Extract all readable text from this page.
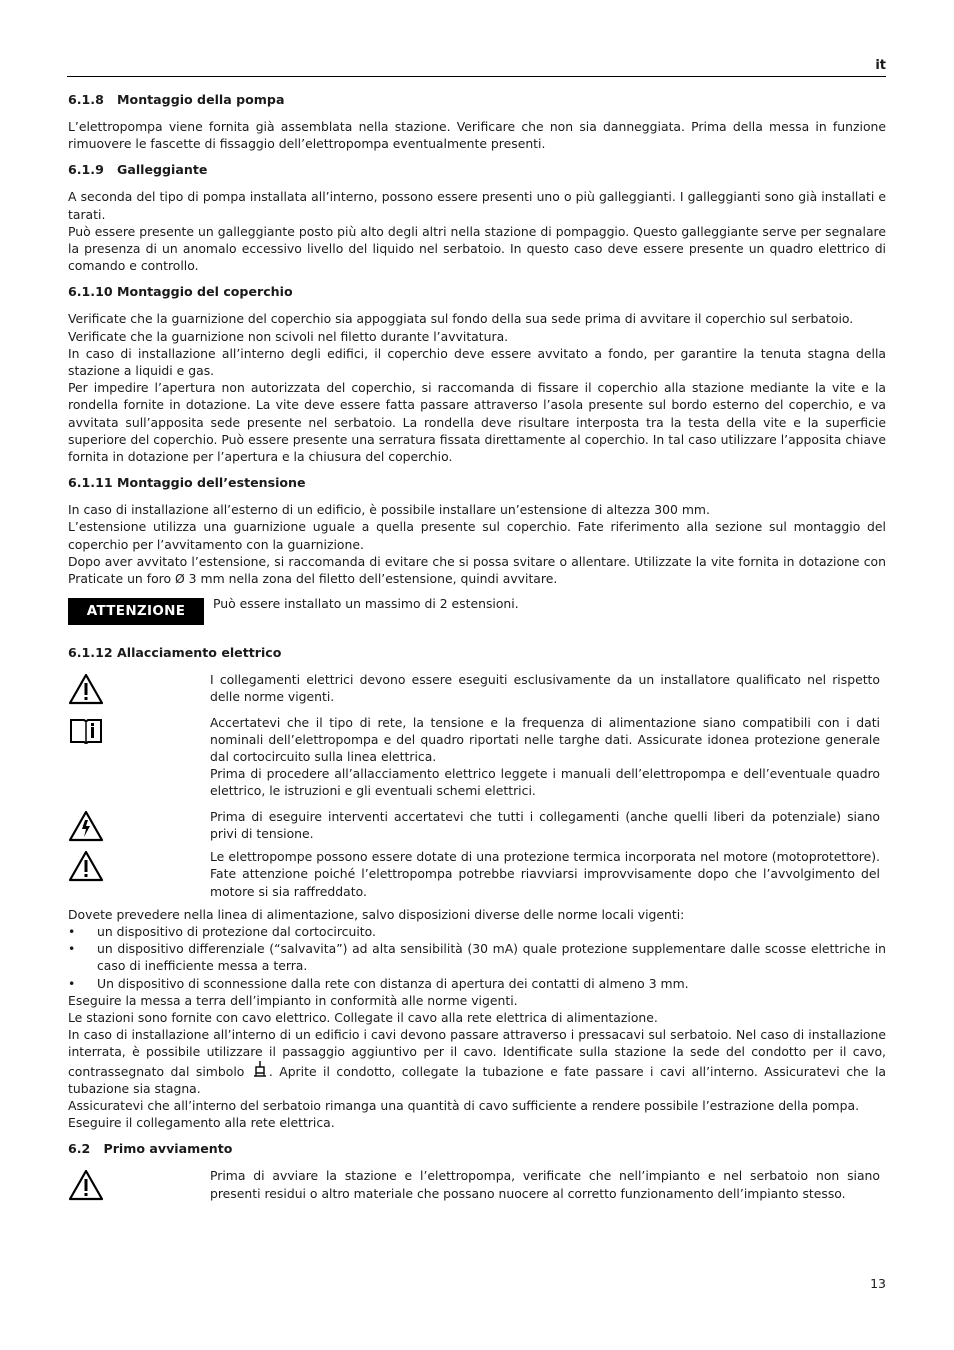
it
6.1.8   Montaggio della pompa

L’elettropompa viene fornita già assemblata nella stazione. Verificare che non sia danneggiata. Prima della messa in funzione rimuovere le fascette di fissaggio dell’elettropompa eventualmente presenti.

6.1.9   Galleggiante

A seconda del tipo di pompa installata all’interno, possono essere presenti uno o più galleggianti. I galleggianti sono già installati e tarati.

Può essere presente un galleggiante posto più alto degli altri nella stazione di pompaggio. Questo galleggiante serve per segnalare la presenza di un anomalo eccessivo livello del liquido nel serbatoio. In questo caso deve essere presente un quadro elettrico di comando e controllo.

6.1.10 Montaggio del coperchio

Verificate che la guarnizione del coperchio sia appoggiata sul fondo della sua sede prima di avvitare il coperchio sul serbatoio.

Verificate che la guarnizione non scivoli nel filetto durante l’avvitatura.

In caso di installazione all’interno degli edifici, il coperchio deve essere avvitato a fondo, per garantire la tenuta stagna della stazione a liquidi e gas.

Per impedire l’apertura non autorizzata del coperchio, si raccomanda di fissare il coperchio alla stazione mediante la vite e la rondella fornite in dotazione. La vite deve essere fatta passare attraverso l’asola presente sul bordo esterno del coperchio, e va avvitata sull’apposita sede presente nel serbatoio. La rondella deve risultare interposta tra la testa della vite e la superficie superiore del coperchio. Può essere presente una serratura fissata direttamente al coperchio. In tal caso utilizzare l’apposita chiave fornita in dotazione per l’apertura e la chiusura del coperchio.

6.1.11 Montaggio dell’estensione

In caso di installazione all’esterno di un edificio, è possibile installare un’estensione di altezza 300 mm.

L’estensione utilizza una guarnizione uguale a quella presente sul coperchio. Fate riferimento alla sezione sul montaggio del coperchio per l’avvitamento con la guarnizione.

Dopo aver avvitato l’estensione, si raccomanda di evitare che si possa svitare o allentare. Utilizzate la vite fornita in dotazione con Praticate un foro Ø 3 mm nella zona del filetto dell’estensione, quindi avvitare.

ATTENZIONE	Può essere installato un massimo di 2 estensioni.
6.1.12 Allacciamento elettrico
I collegamenti elettrici devono essere eseguiti esclusivamente da un installatore qualificato nel rispetto delle norme vigenti.
Accertatevi che il tipo di rete, la tensione e la frequenza di alimentazione siano compatibili con i dati nominali dell’elettropompa e del quadro riportati nelle targhe dati. Assicurate idonea protezione generale dal cortocircuito sulla linea elettrica.
Prima di procedere all’allacciamento elettrico leggete i manuali dell’elettropompa e dell’eventuale quadro elettrico, le istruzioni e gli eventuali schemi elettrici.
Prima di eseguire interventi accertatevi che tutti i collegamenti (anche quelli liberi da potenziale) siano privi di tensione.
Le elettropompe possono essere dotate di una protezione termica incorporata nel motore (motoprotettore). Fate attenzione poiché l’elettropompa potrebbe riavviarsi improvvisamente dopo che l’avvolgimento del motore si sia raffreddato.

Dovete prevedere nella linea di alimentazione, salvo disposizioni diverse delle norme locali vigenti:

•	un dispositivo di protezione dal cortocircuito.
•	un dispositivo differenziale (“salvavita”) ad alta sensibilità (30 mA) quale protezione supplementare dalle scosse elettriche in caso di inefficiente messa a terra.
•	Un dispositivo di sconnessione dalla rete con distanza di apertura dei contatti di almeno 3 mm.

Eseguire la messa a terra dell’impianto in conformità alle norme vigenti.

Le stazioni sono fornite con cavo elettrico. Collegate il cavo alla rete elettrica di alimentazione.

In caso di installazione all’interno di un edificio i cavi devono passare attraverso i pressacavi sul serbatoio. Nel caso di installazione interrata, è possibile utilizzare il passaggio aggiuntivo per il cavo. Identificate sulla stazione la sede del condotto per il cavo, contrassegnato dal simbolo . Aprite il condotto, collegate la tubazione e fate passare i cavi all’interno. Assicuratevi che la tubazione sia stagna.

Assicuratevi che all’interno del serbatoio rimanga una quantità di cavo sufficiente a rendere possibile l’estrazione della pompa.

Eseguire il collegamento alla rete elettrica.

6.2   Primo avviamento
Prima di avviare la stazione e l’elettropompa, verificate che nell’impianto e nel serbatoio non siano presenti residui o altro materiale che possano nuocere al corretto funzionamento dell’impianto stesso.
13
